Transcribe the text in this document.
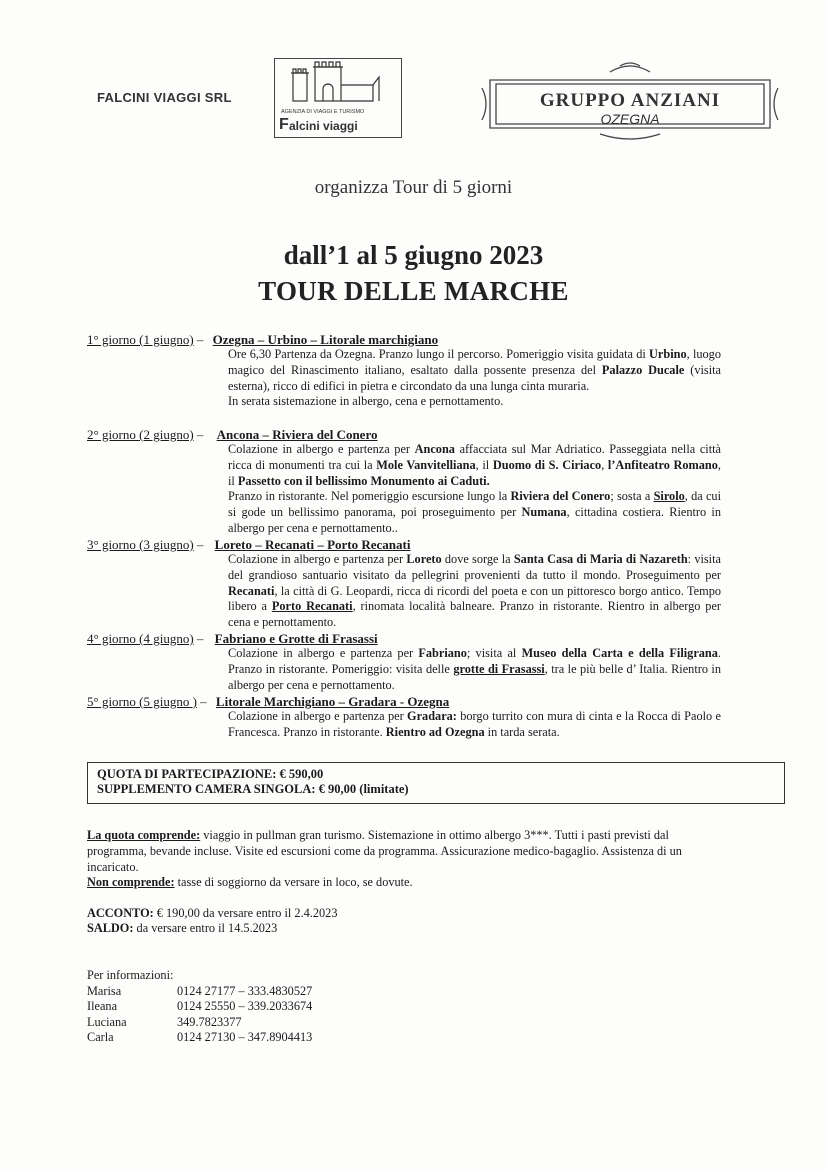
FALCINI VIAGGI SRL
AGENZIA DI VIAGGI E TURISMO
F alcini viaggi
GRUPPO ANZIANI
OZEGNA
organizza Tour di 5 giorni
dall’1 al 5 giugno 2023
TOUR DELLE MARCHE
1° giorno (1 giugno) – Ozegna – Urbino – Litorale marchigiano
Ore 6,30 Partenza da Ozegna. Pranzo lungo il percorso. Pomeriggio visita guidata di Urbino, luogo magico del Rinascimento italiano, esaltato dalla possente presenza del Palazzo Ducale (visita esterna), ricco di edifici in pietra e circondato da una lunga cinta muraria.
In serata sistemazione in albergo, cena e pernottamento.
2° giorno (2 giugno) – Ancona – Riviera del Conero
Colazione in albergo e partenza per Ancona affacciata sul Mar Adriatico. Passeggiata nella città ricca di monumenti tra cui la Mole Vanvitelliana, il Duomo di S. Ciriaco, l’Anfiteatro Romano, il Passetto con il bellissimo Monumento ai Caduti.
Pranzo in ristorante. Nel pomeriggio escursione lungo la Riviera del Conero; sosta a Sirolo, da cui si gode un bellissimo panorama, poi proseguimento per Numana, cittadina costiera. Rientro in albergo per cena e pernottamento..
3° giorno (3 giugno) – Loreto – Recanati – Porto Recanati
Colazione in albergo e partenza per Loreto dove sorge la Santa Casa di Maria di Nazareth: visita del grandioso santuario visitato da pellegrini provenienti da tutto il mondo. Proseguimento per Recanati, la città di G. Leopardi, ricca di ricordi del poeta e con un pittoresco borgo antico. Tempo libero a Porto Recanati, rinomata località balneare. Pranzo in ristorante. Rientro in albergo per cena e pernottamento.
4° giorno (4 giugno) – Fabriano e Grotte di Frasassi
Colazione in albergo e partenza per Fabriano; visita al Museo della Carta e della Filigrana. Pranzo in ristorante. Pomeriggio: visita delle grotte di Frasassi, tra le più belle d’ Italia. Rientro in albergo per cena e pernottamento.
5° giorno (5 giugno ) – Litorale Marchigiano – Gradara - Ozegna
Colazione in albergo e partenza per Gradara: borgo turrito con mura di cinta e la Rocca di Paolo e Francesca. Pranzo in ristorante. Rientro ad Ozegna in tarda serata.
QUOTA DI PARTECIPAZIONE: € 590,00
SUPPLEMENTO CAMERA SINGOLA: € 90,00 (limitate)
La quota comprende: viaggio in pullman gran turismo. Sistemazione in ottimo albergo 3***. Tutti i pasti previsti dal programma, bevande incluse. Visite ed escursioni come da programma. Assicurazione medico-bagaglio. Assistenza di un incaricato.
Non comprende: tasse di soggiorno da versare in loco, se dovute.
ACCONTO: € 190,00 da versare entro il 2.4.2023
SALDO: da versare entro il 14.5.2023
Per informazioni:
Marisa	0124 27177 – 333.4830527
Ileana	0124 25550 – 339.2033674
Luciana	349.7823377
Carla	0124 27130 – 347.8904413
